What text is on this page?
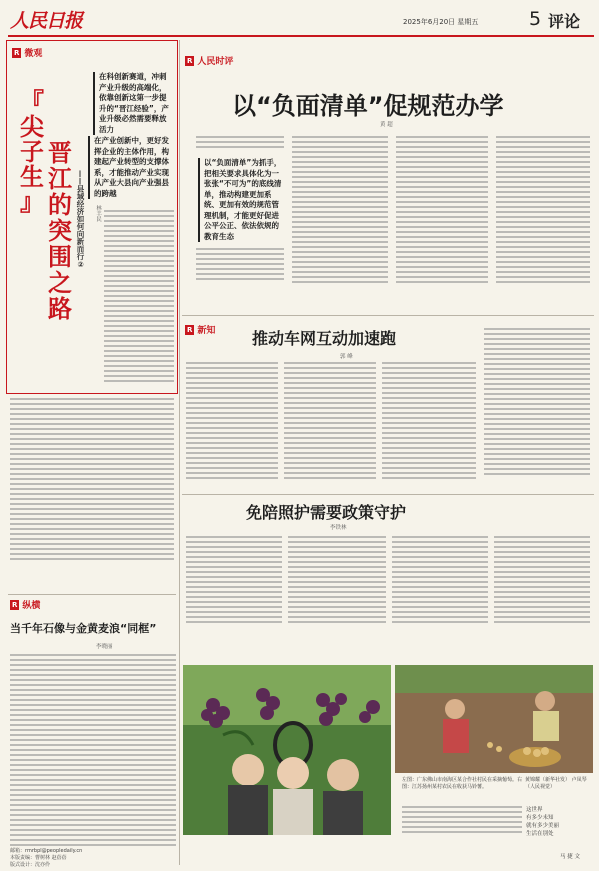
人民日报	2025年6月20日 星期五	5 评论
R 微观
『
尖
子
生
』
晋
江
的
突
围
之
路
——县域经济如何向新而行② 林丰民
在科创新赛道，冲刺产业升级的高端化，依靠创新这第一步提升的“晋江经验”，产业升级必然需要释放活力
在产业创新中，更好发挥企业的主体作用，构建起产业转型的支撑体系，才能推动产业实现从产业大县向产业强县的跨越
R 纵横
当千年石像与金黄麦浪“同框”
李晓丽
邮箱：rmrbpl@peopledaily.cn
本版责编：曹树林 赵蓓蓓
版式设计：沈亦伶
R 人民时评
以“负面清单”促规范办学
黄 超
以“负面清单”为抓手，把相关要求具体化为一张张“不可为”的底线清单，推动构建更加系统、更加有效的规范管理机制，才能更好促进公平公正、依法依规的教育生态
R 新知 推动车网互动加速跑
郭 峰
免陪照护需要政策守护
李铁林
左图：广东佛山市南海区某合作社村民在采摘葡萄。右图：江苏扬州某村农民在收获马铃薯。
黄锦耀（新华社发） 卢凤琴（人民视觉）
这世界
有多少未知
就有多少美丽
生活在别处
马 捷 文
